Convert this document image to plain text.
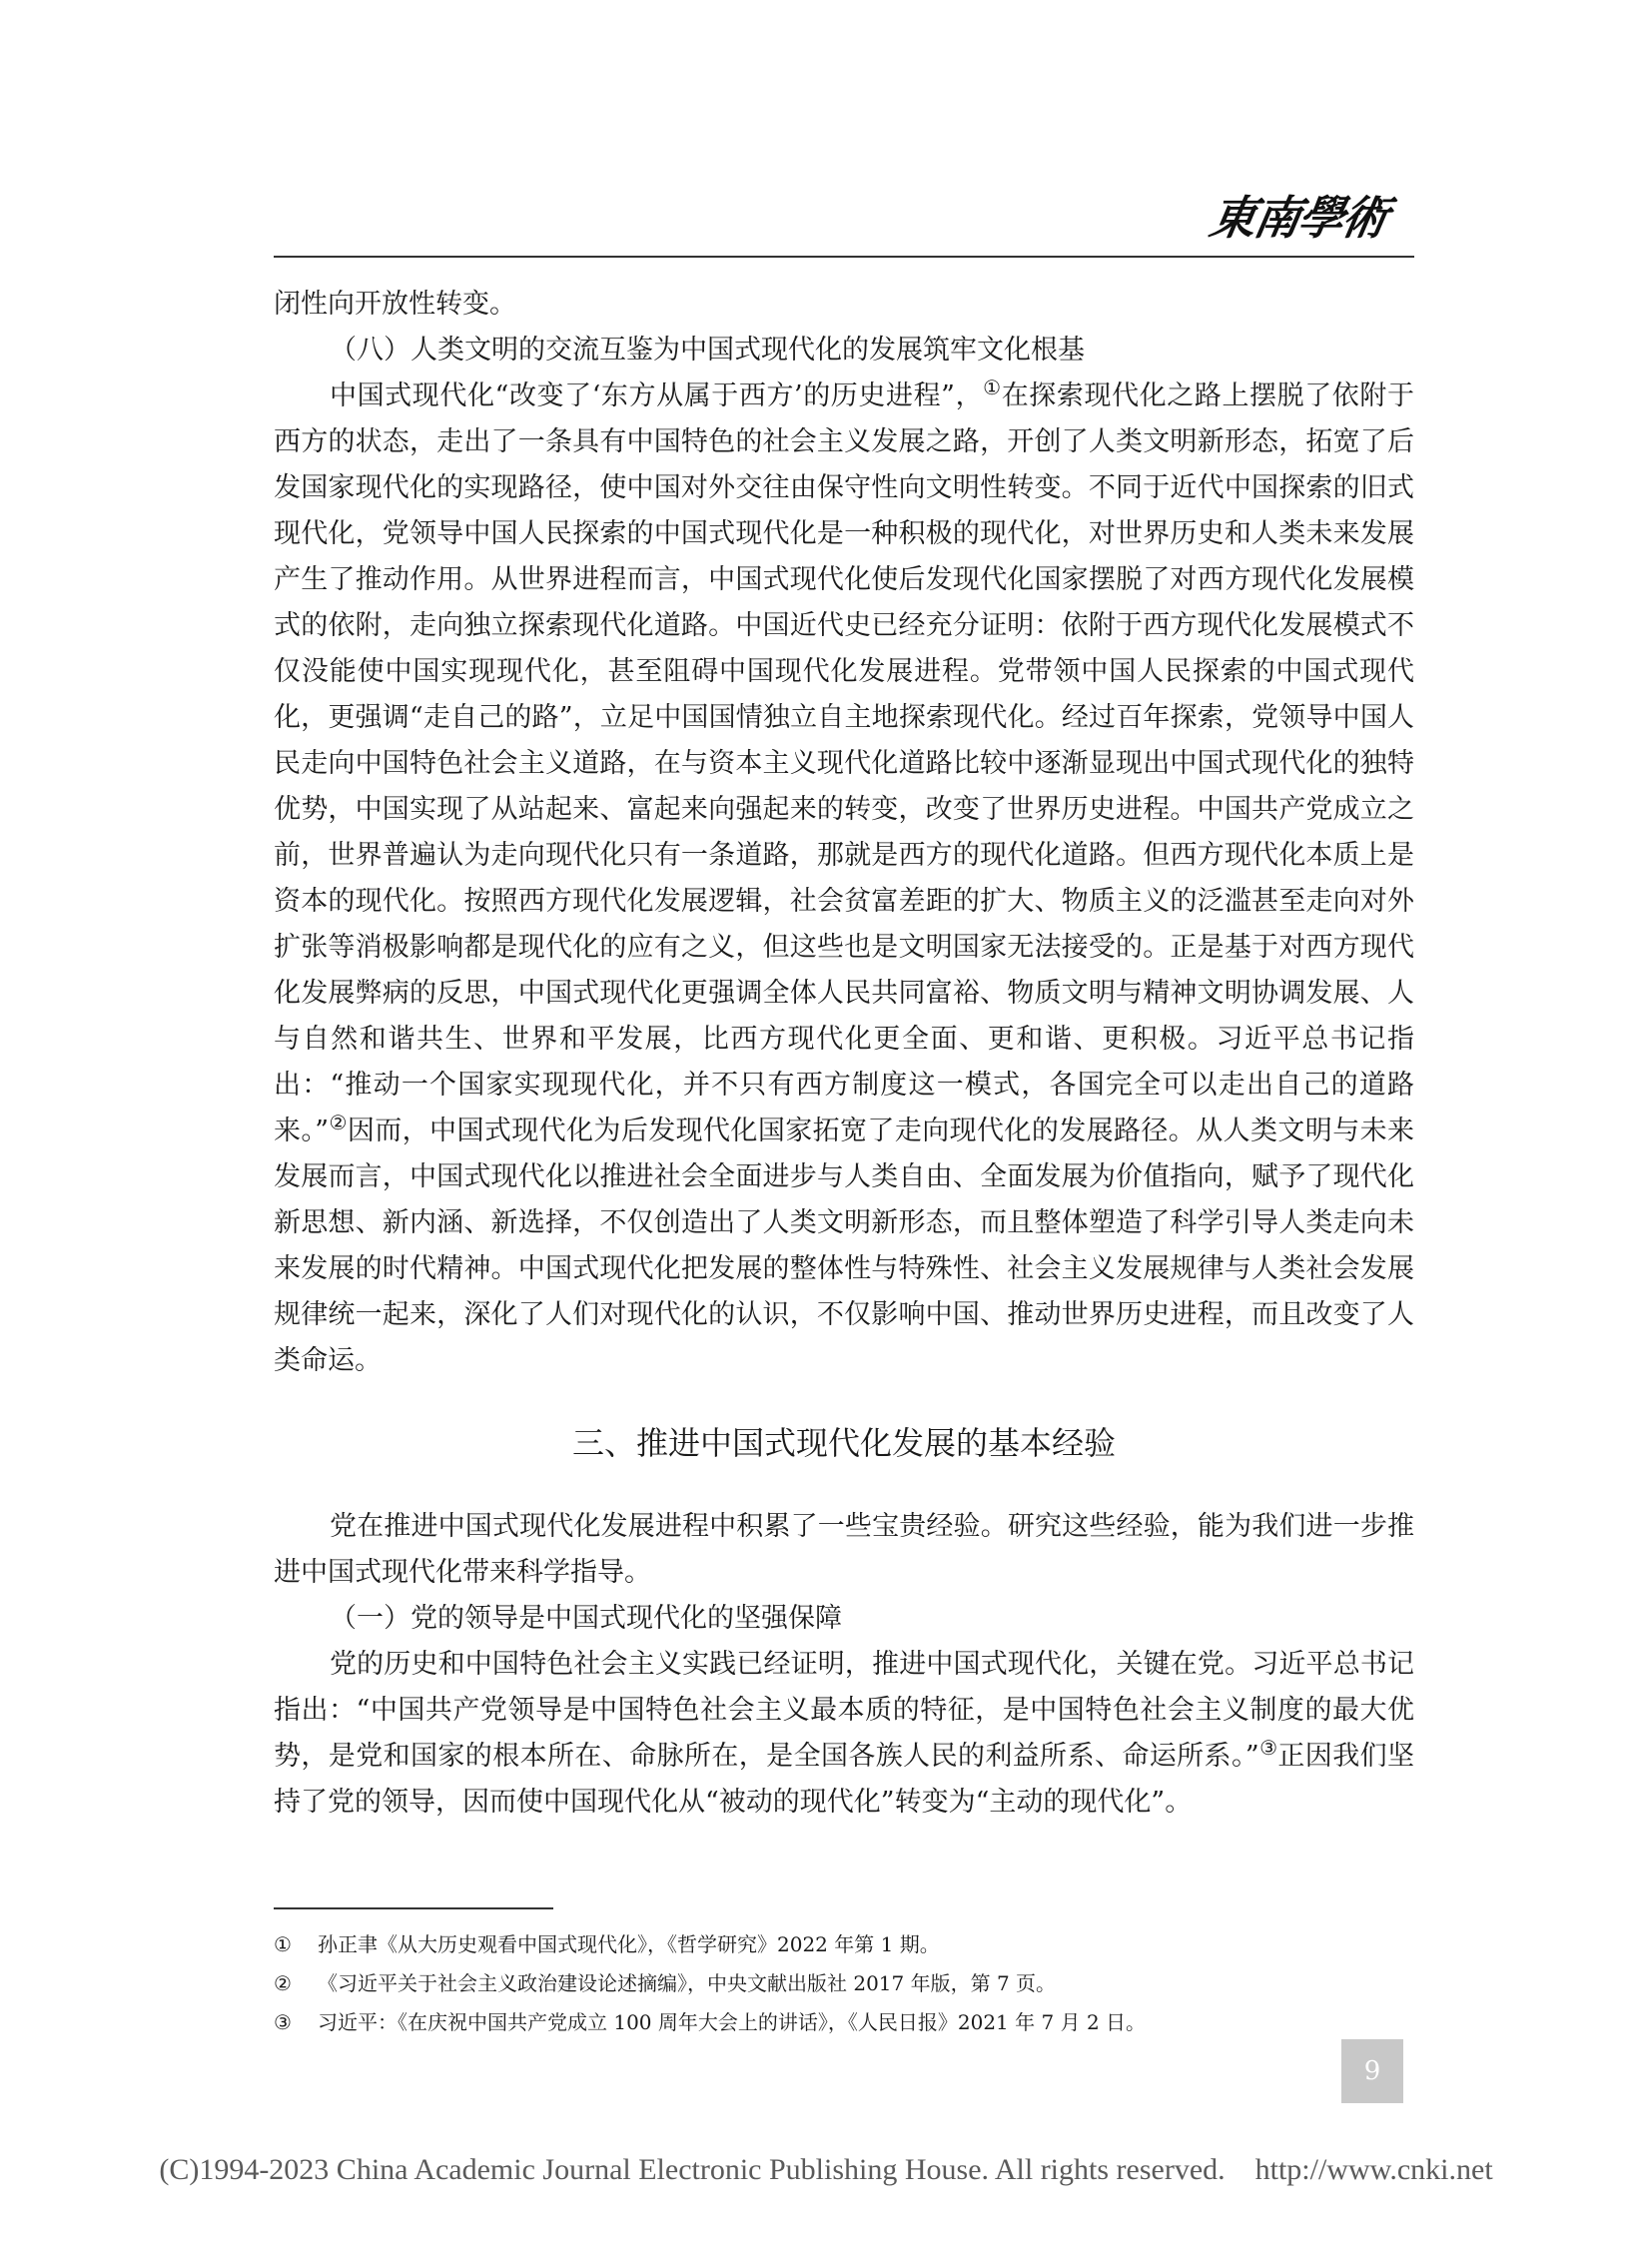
東南學術

闭性向开放性转变。

（八）人类文明的交流互鉴为中国式现代化的发展筑牢文化根基

中国式现代化“改变了‘东方从属于西方’的历史进程”，①在探索现代化之路上摆脱了依附于西方的状态，走出了一条具有中国特色的社会主义发展之路，开创了人类文明新形态，拓宽了后发国家现代化的实现路径，使中国对外交往由保守性向文明性转变。不同于近代中国探索的旧式现代化，党领导中国人民探索的中国式现代化是一种积极的现代化，对世界历史和人类未来发展产生了推动作用。从世界进程而言，中国式现代化使后发现代化国家摆脱了对西方现代化发展模式的依附，走向独立探索现代化道路。中国近代史已经充分证明：依附于西方现代化发展模式不仅没能使中国实现现代化，甚至阻碍中国现代化发展进程。党带领中国人民探索的中国式现代化，更强调“走自己的路”，立足中国国情独立自主地探索现代化。经过百年探索，党领导中国人民走向中国特色社会主义道路，在与资本主义现代化道路比较中逐渐显现出中国式现代化的独特优势，中国实现了从站起来、富起来向强起来的转变，改变了世界历史进程。中国共产党成立之前，世界普遍认为走向现代化只有一条道路，那就是西方的现代化道路。但西方现代化本质上是资本的现代化。按照西方现代化发展逻辑，社会贫富差距的扩大、物质主义的泛滥甚至走向对外扩张等消极影响都是现代化的应有之义，但这些也是文明国家无法接受的。正是基于对西方现代化发展弊病的反思，中国式现代化更强调全体人民共同富裕、物质文明与精神文明协调发展、人与自然和谐共生、世界和平发展，比西方现代化更全面、更和谐、更积极。习近平总书记指出：“推动一个国家实现现代化，并不只有西方制度这一模式，各国完全可以走出自己的道路来。”②因而，中国式现代化为后发现代化国家拓宽了走向现代化的发展路径。从人类文明与未来发展而言，中国式现代化以推进社会全面进步与人类自由、全面发展为价值指向，赋予了现代化新思想、新内涵、新选择，不仅创造出了人类文明新形态，而且整体塑造了科学引导人类走向未来发展的时代精神。中国式现代化把发展的整体性与特殊性、社会主义发展规律与人类社会发展规律统一起来，深化了人们对现代化的认识，不仅影响中国、推动世界历史进程，而且改变了人类命运。

三、推进中国式现代化发展的基本经验

党在推进中国式现代化发展进程中积累了一些宝贵经验。研究这些经验，能为我们进一步推进中国式现代化带来科学指导。

（一）党的领导是中国式现代化的坚强保障

党的历史和中国特色社会主义实践已经证明，推进中国式现代化，关键在党。习近平总书记指出：“中国共产党领导是中国特色社会主义最本质的特征，是中国特色社会主义制度的最大优势，是党和国家的根本所在、命脉所在，是全国各族人民的利益所系、命运所系。”③正因我们坚持了党的领导，因而使中国现代化从“被动的现代化”转变为“主动的现代化”。

①	孙正聿《从大历史观看中国式现代化》，《哲学研究》2022 年第 1 期。
②	《习近平关于社会主义政治建设论述摘编》，中央文献出版社 2017 年版，第 7 页。
③	习近平：《在庆祝中国共产党成立 100 周年大会上的讲话》，《人民日报》2021 年 7 月 2 日。
9
(C)1994-2023 China Academic Journal Electronic Publishing House. All rights reserved.    http://www.cnki.net
